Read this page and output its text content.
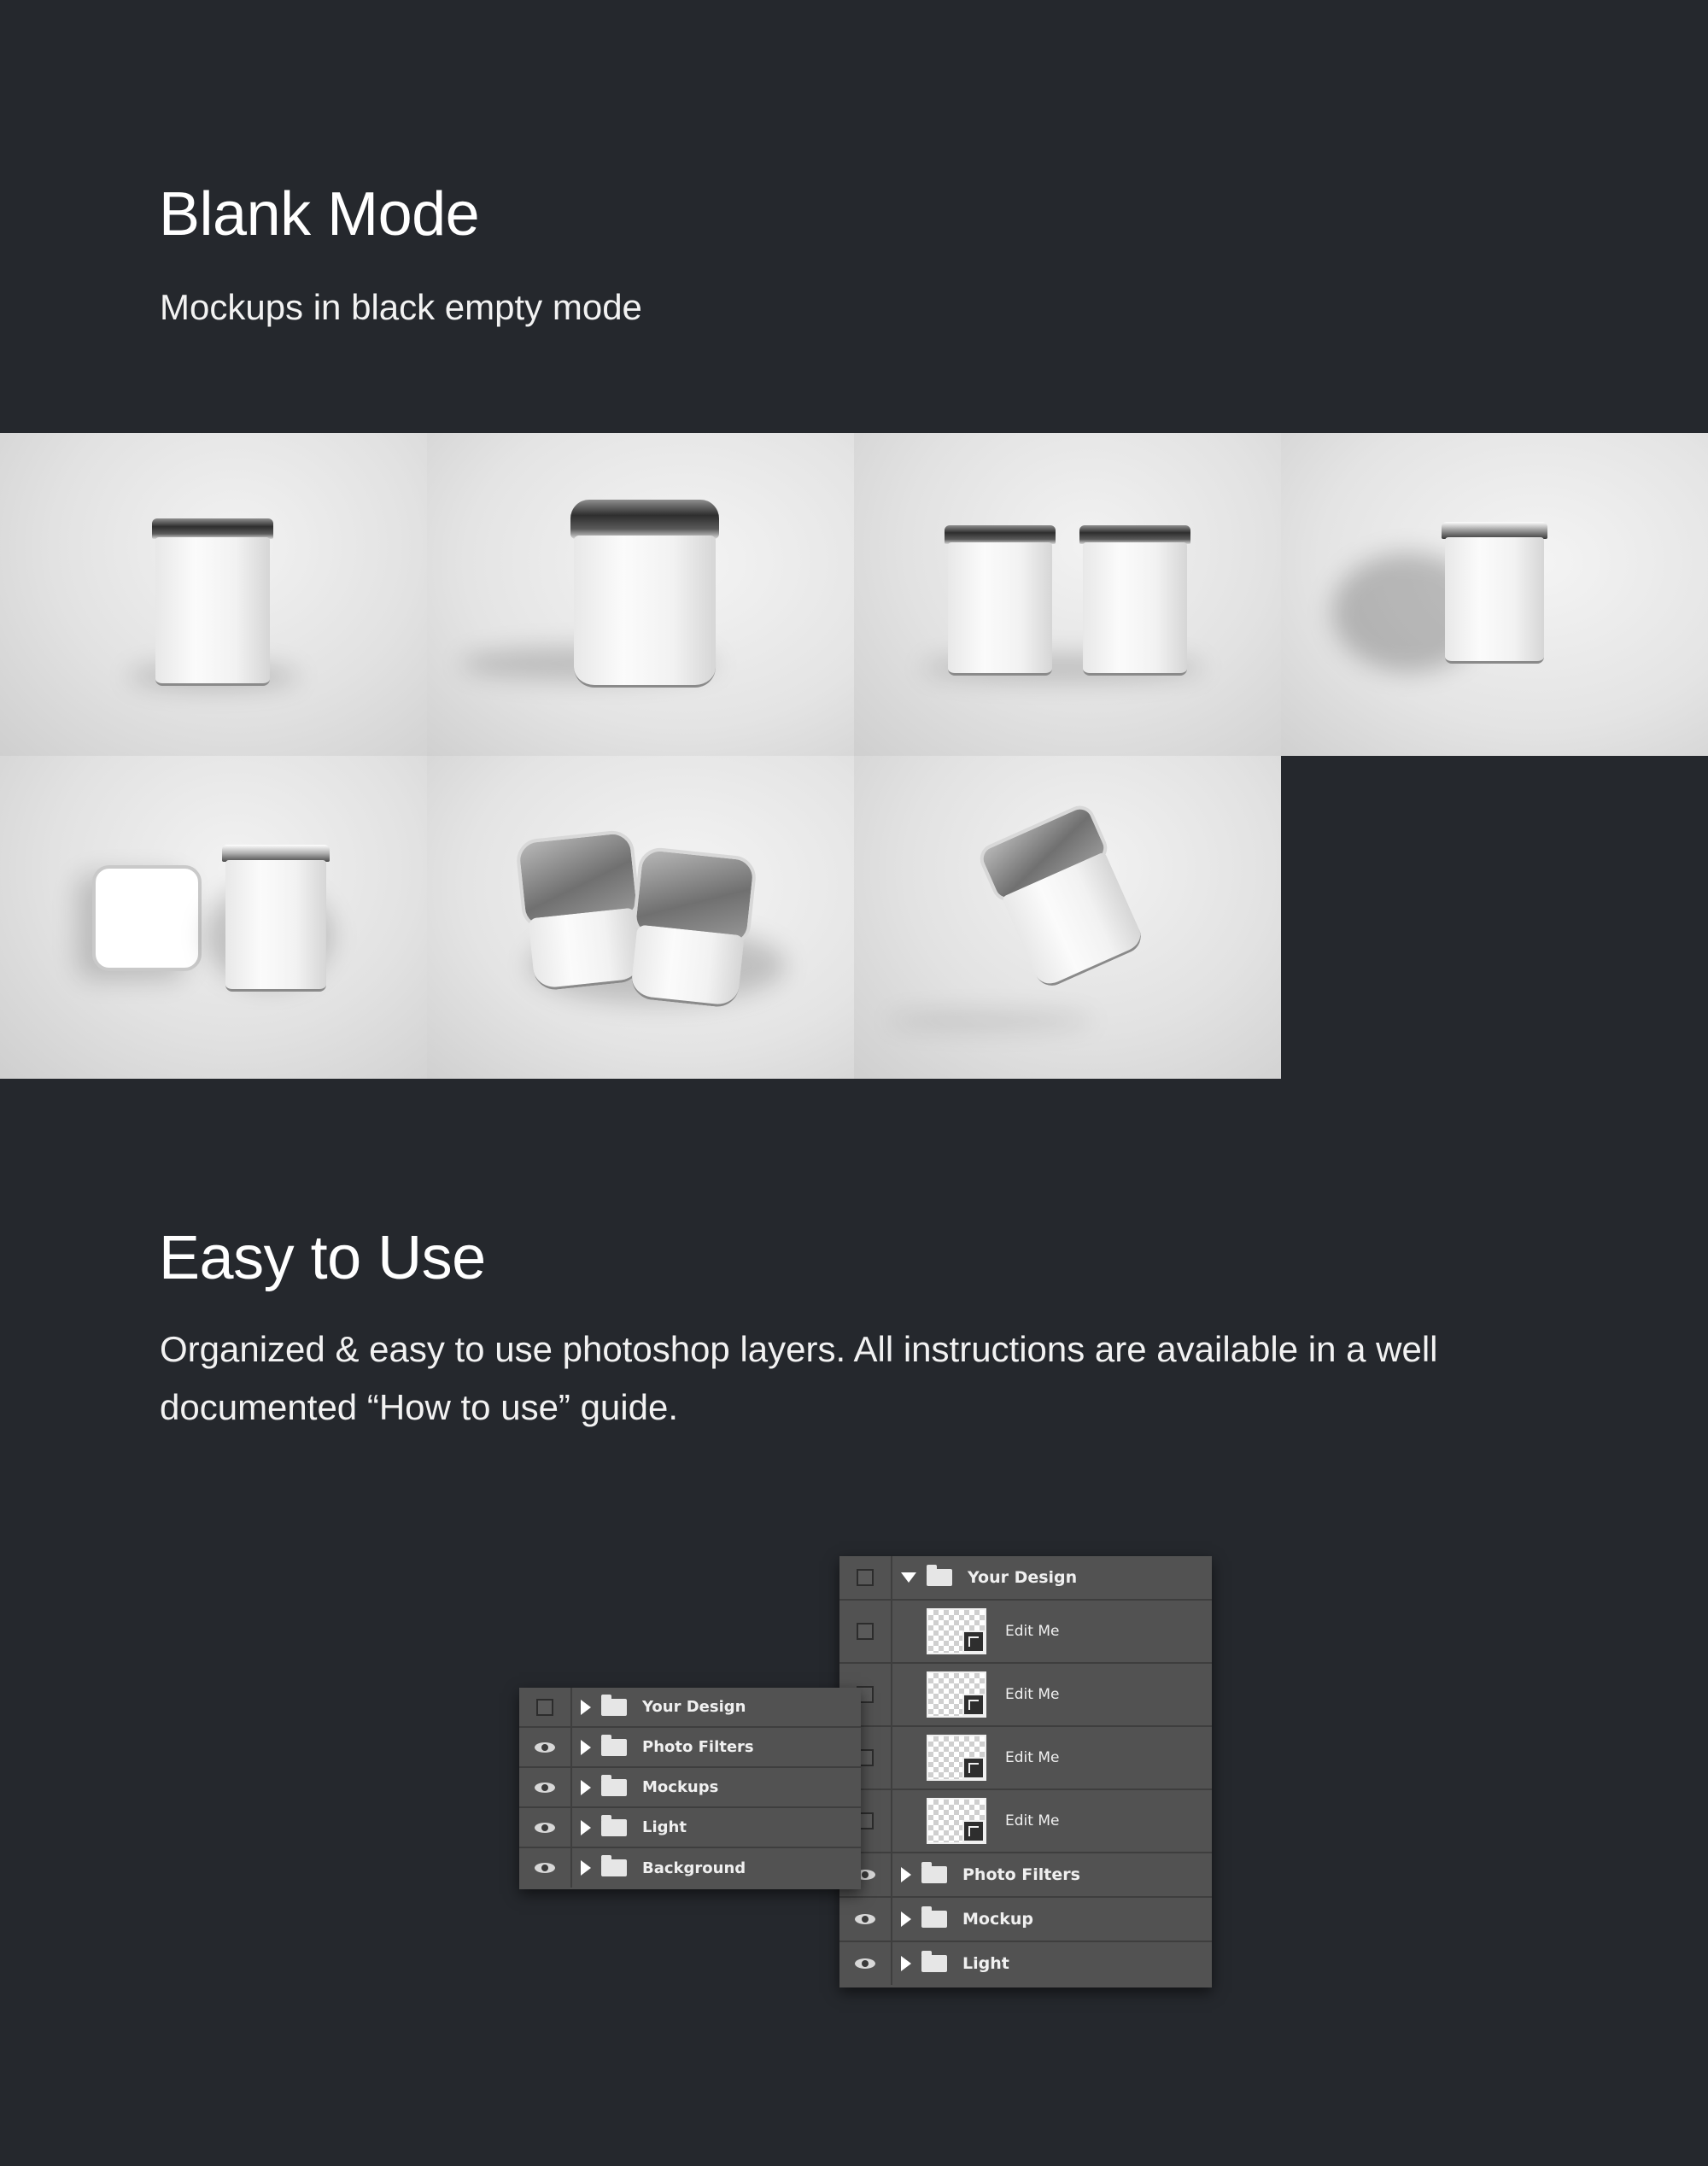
Blank Mode

Mockups in black empty mode

Easy to Use

Organized & easy to use photoshop layers. All instructions are available in a well documented “How to use” guide.

Your Design
Edit Me
Edit Me
Edit Me
Edit Me
Photo Filters
Mockup
Light
Your Design
Photo Filters
Mockups
Light
Background
